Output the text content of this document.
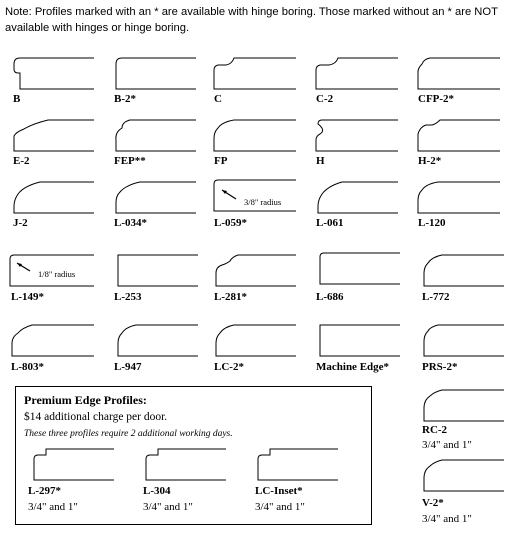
Note: Profiles marked with an * are available with hinge boring. Those marked without an * are NOT available with hinges or hinge boring.
B	B-2*	C	C-2	CFP-2*
E-2	FEP**	FP	H	H-2*
J-2	L-034*
3/8" radius
L-059*	L-061	L-120
1/8" radius
L-149*	L-253	L-281*	L-686	L-772
L-803*	L-947	LC-2*	Machine Edge*	PRS-2*
Premium Edge Profiles:
$14 additional charge per door.
These three profiles require 2 additional working days.
L-297*
3/4" and 1"
L-304
3/4" and 1"
LC-Inset*
3/4" and 1"
RC-2
3/4" and 1"
V-2*
3/4" and 1"
